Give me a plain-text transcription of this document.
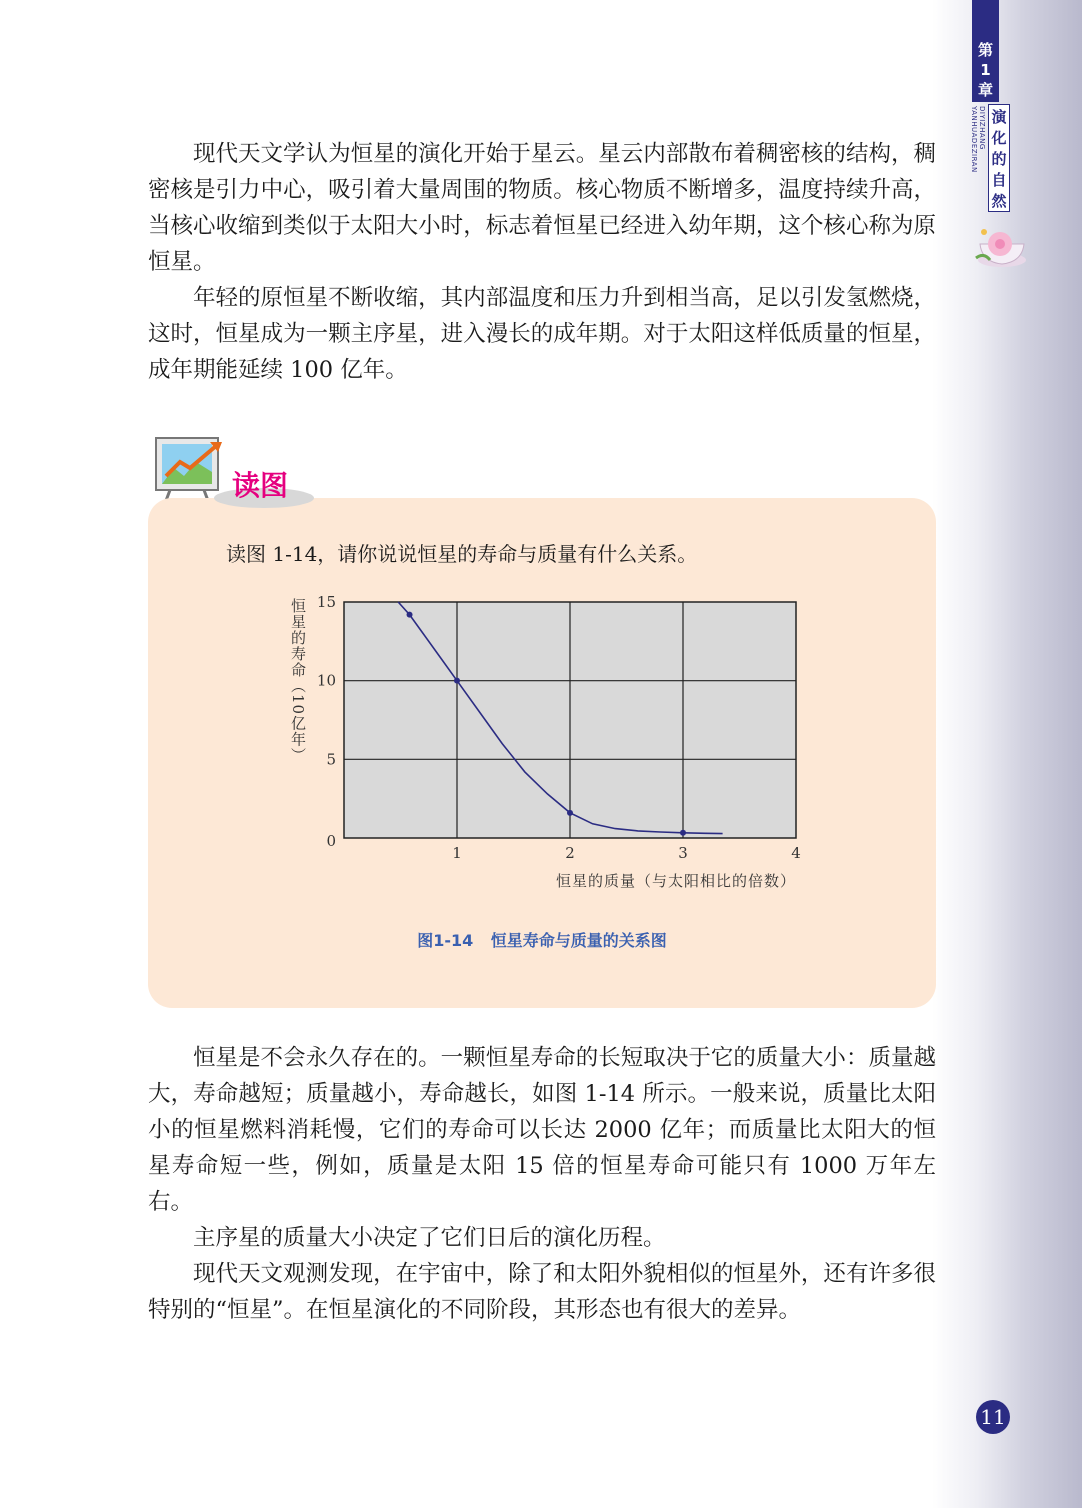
第
1
章
DIYIZHANG YANHUADEZIRAN 演
化
的
自
然

现代天文学认为恒星的演化开始于星云。星云内部散布着稠密核的结构，稠密核是引力中心，吸引着大量周围的物质。核心物质不断增多，温度持续升高，当核心收缩到类似于太阳大小时，标志着恒星已经进入幼年期，这个核心称为原恒星。

年轻的原恒星不断收缩，其内部温度和压力升到相当高，足以引发氢燃烧，这时，恒星成为一颗主序星，进入漫长的成年期。对于太阳这样低质量的恒星，成年期能延续 100 亿年。

读图

读图 1-14，请你说说恒星的寿命与质量有什么关系。

恒星的寿命（10亿年）
1	2	3	4
0
5
10
15
恒星的质量（与太阳相比的倍数）
图1-14 恒星寿命与质量的关系图

恒星是不会永久存在的。一颗恒星寿命的长短取决于它的质量大小：质量越大，寿命越短；质量越小，寿命越长，如图 1-14 所示。一般来说，质量比太阳小的恒星燃料消耗慢，它们的寿命可以长达 2000 亿年；而质量比太阳大的恒星寿命短一些，例如，质量是太阳 15 倍的恒星寿命可能只有 1000 万年左右。

主序星的质量大小决定了它们日后的演化历程。

现代天文观测发现，在宇宙中，除了和太阳外貌相似的恒星外，还有许多很特别的“恒星”。在恒星演化的不同阶段，其形态也有很大的差异。

11
